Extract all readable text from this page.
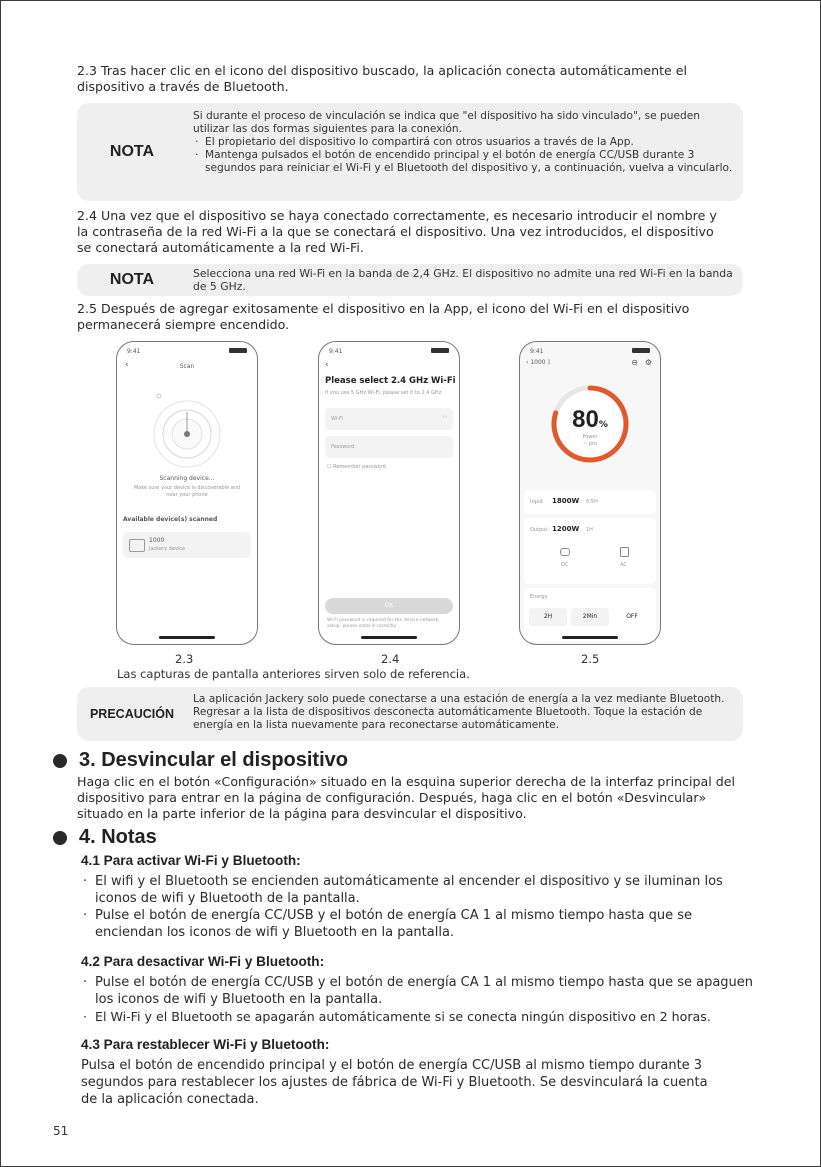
2.3 Tras hacer clic en el icono del dispositivo buscado, la aplicación conecta automáticamente el

dispositivo a través de Bluetooth.

NOTA
Si durante el proceso de vinculación se indica que "el dispositivo ha sido vinculado", se pueden utilizar las dos formas siguientes para la conexión.
· El propietario del dispositivo lo compartirá con otros usuarios a través de la App.
· Mantenga pulsados el botón de encendido principal y el botón de energía CC/USB durante 3 segundos para reiniciar el Wi-Fi y el Bluetooth del dispositivo y, a continuación, vuelva a vincularlo.

2.4 Una vez que el dispositivo se haya conectado correctamente, es necesario introducir el nombre y

la contraseña de la red Wi-Fi a la que se conectará el dispositivo. Una vez introducidos, el dispositivo

se conectará automáticamente a la red Wi-Fi.

NOTA	Selecciona una red Wi-Fi en la banda de 2,4 GHz. El dispositivo no admite una red Wi-Fi en la banda de 5 GHz.

2.5 Después de agregar exitosamente el dispositivo en la App, el icono del Wi-Fi en el dispositivo

permanecerá siempre encendido.

9:41
‹	Scan
Scanning device...
Make sure your device is discoverable and near your phone
Available device(s) scanned
1000
Jackery device
9:41
‹
Please select 2.4 GHz Wi-Fi
If you use 5 GHz Wi-Fi, please set it to 2.4 GHz
Wi-Fi	◠
Password
☐ Remember password
OK
Wi-Fi password is required for the device network setup, please enter it correctly
9:41
‹ 1000 ᛒ	⊖ ⚙
80%
Power
~ pro
Input 1800W 0.5H
Output 1200W 1H
DC	AC
Energy
2H	2Min	OFF
2.3	2.4	2.5
Las capturas de pantalla anteriores sirven solo de referencia.
PRECAUCIÓN
La aplicación Jackery solo puede conectarse a una estación de energía a la vez mediante Bluetooth. Regresar a la lista de dispositivos desconecta automáticamente Bluetooth. Toque la estación de energía en la lista nuevamente para reconectarse automáticamente.
3. Desvincular el dispositivo
Haga clic en el botón «Configuración» situado en la esquina superior derecha de la interfaz principal del dispositivo para entrar en la página de configuración. Después, haga clic en el botón «Desvincular» situado en la parte inferior de la página para desvincular el dispositivo.
4. Notas
4.1 Para activar Wi-Fi y Bluetooth:
· El wifi y el Bluetooth se encienden automáticamente al encender el dispositivo y se iluminan los iconos de wifi y Bluetooth de la pantalla.
· Pulse el botón de energía CC/USB y el botón de energía CA 1 al mismo tiempo hasta que se enciendan los iconos de wifi y Bluetooth en la pantalla.
4.2 Para desactivar Wi-Fi y Bluetooth:
· Pulse el botón de energía CC/USB y el botón de energía CA 1 al mismo tiempo hasta que se apaguen los iconos de wifi y Bluetooth en la pantalla.
· El Wi-Fi y el Bluetooth se apagarán automáticamente si se conecta ningún dispositivo en 2 horas.
4.3 Para restablecer Wi-Fi y Bluetooth:
Pulsa el botón de encendido principal y el botón de energía CC/USB al mismo tiempo durante 3 segundos para restablecer los ajustes de fábrica de Wi-Fi y Bluetooth. Se desvinculará la cuenta de la aplicación conectada.
51
